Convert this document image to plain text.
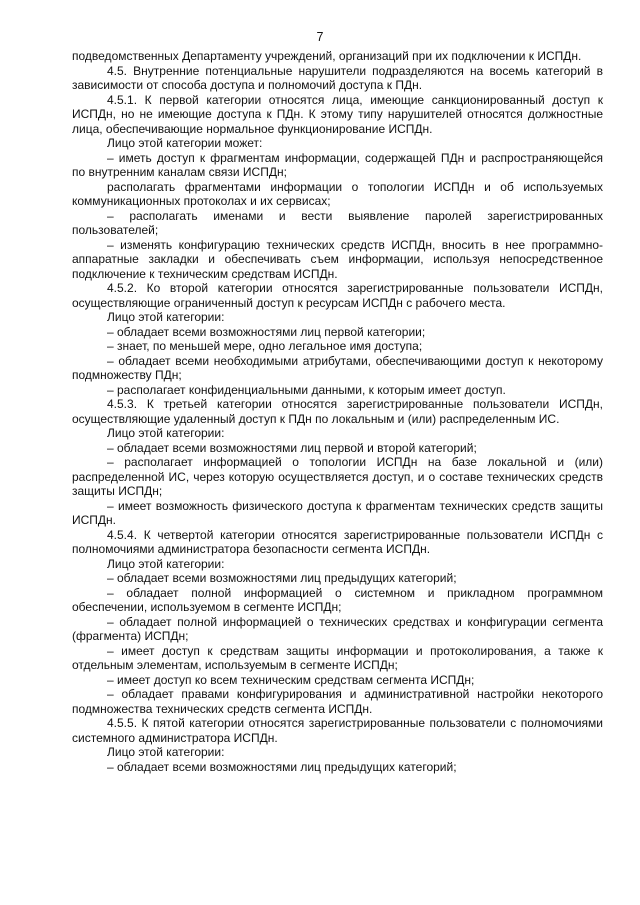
7

подведомственных Департаменту учреждений, организаций при их подключении к ИСПДн.

4.5. Внутренние потенциальные нарушители подразделяются на восемь категорий в зависимости от способа доступа и полномочий доступа к ПДн.

4.5.1. К первой категории относятся лица, имеющие санкционированный доступ к ИСПДн, но не имеющие доступа к ПДн. К этому типу нарушителей относятся должностные лица, обеспечивающие нормальное функционирование ИСПДн.

Лицо этой категории может:

– иметь доступ к фрагментам информации, содержащей ПДн и распространяющейся по внутренним каналам связи ИСПДн;

располагать фрагментами информации о топологии ИСПДн и об используемых коммуникационных протоколах и их сервисах;

– располагать именами и вести выявление паролей зарегистрированных пользователей;

– изменять конфигурацию технических средств ИСПДн, вносить в нее программно-аппаратные закладки и обеспечивать съем информации, используя непосредственное подключение к техническим средствам ИСПДн.

4.5.2. Ко второй категории относятся зарегистрированные пользователи ИСПДн, осуществляющие ограниченный доступ к ресурсам ИСПДн с рабочего места.

Лицо этой категории:

– обладает всеми возможностями лиц первой категории;

– знает, по меньшей мере, одно легальное имя доступа;

– обладает всеми необходимыми атрибутами, обеспечивающими доступ к некоторому подмножеству ПДн;

– располагает конфиденциальными данными, к которым имеет доступ.

4.5.3. К третьей категории относятся зарегистрированные пользователи ИСПДн, осуществляющие удаленный доступ к ПДн по локальным и (или) распределенным ИС.

Лицо этой категории:

– обладает всеми возможностями лиц первой и второй категорий;

– располагает информацией о топологии ИСПДн на базе локальной и (или) распределенной ИС, через которую осуществляется доступ, и о составе технических средств защиты ИСПДн;

– имеет возможность физического доступа к фрагментам технических средств защиты ИСПДн.

4.5.4. К четвертой категории относятся зарегистрированные пользователи ИСПДн с полномочиями администратора безопасности сегмента ИСПДн.

Лицо этой категории:

– обладает всеми возможностями лиц предыдущих категорий;

– обладает полной информацией о системном и прикладном программном обеспечении, используемом в сегменте ИСПДн;

– обладает полной информацией о технических средствах и конфигурации сегмента (фрагмента) ИСПДн;

– имеет доступ к средствам защиты информации и протоколирования, а также к отдельным элементам, используемым в сегменте ИСПДн;

– имеет доступ ко всем техническим средствам сегмента ИСПДн;

– обладает правами конфигурирования и административной настройки некоторого подмножества технических средств сегмента ИСПДн.

4.5.5. К пятой категории относятся зарегистрированные пользователи с полномочиями системного администратора ИСПДн.

Лицо этой категории:

– обладает всеми возможностями лиц предыдущих категорий;
